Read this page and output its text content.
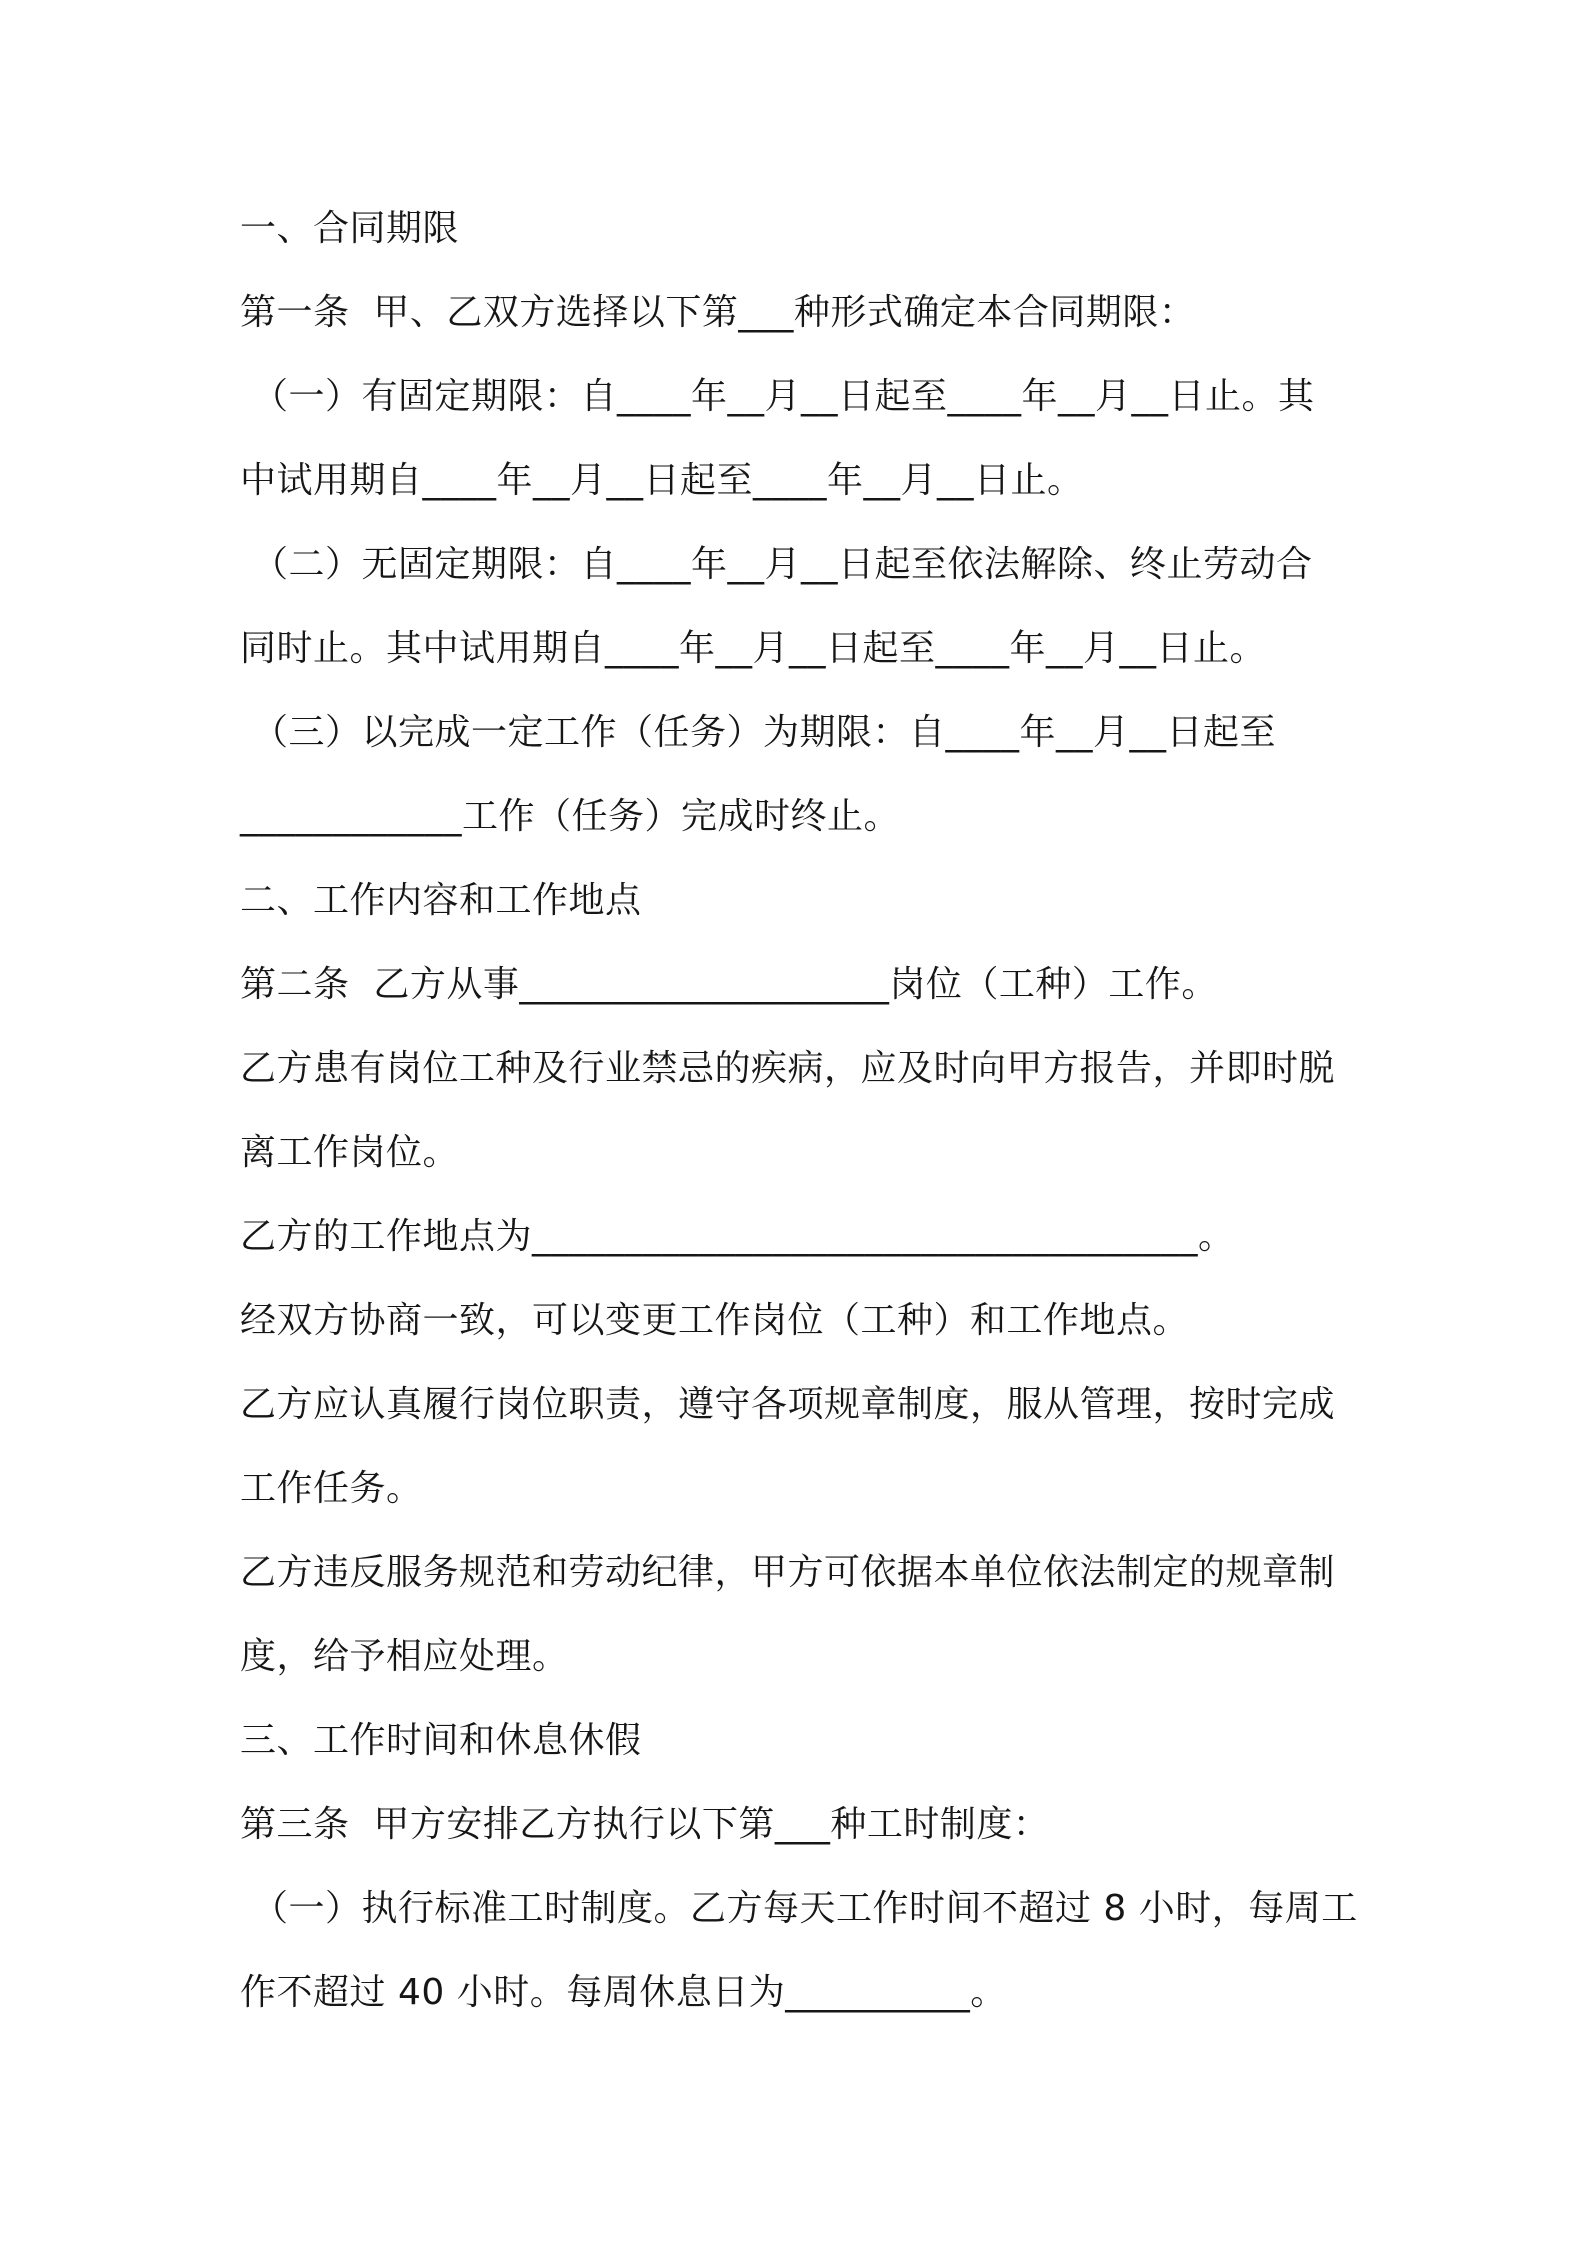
一、合同期限
第一条  甲、乙双方选择以下第___种形式确定本合同期限：
（一）有固定期限：自____年__月__日起至____年__月__日止。其
中试用期自____年__月__日起至____年__月__日止。
（二）无固定期限：自____年__月__日起至依法解除、终止劳动合
同时止。其中试用期自____年__月__日起至____年__月__日止。
（三）以完成一定工作（任务）为期限：自____年__月__日起至
____________工作（任务）完成时终止。
二、工作内容和工作地点
第二条  乙方从事____________________岗位（工种）工作。
乙方患有岗位工种及行业禁忌的疾病，应及时向甲方报告，并即时脱
离工作岗位。
乙方的工作地点为____________________________________。
经双方协商一致，可以变更工作岗位（工种）和工作地点。
乙方应认真履行岗位职责，遵守各项规章制度，服从管理，按时完成
工作任务。
乙方违反服务规范和劳动纪律，甲方可依据本单位依法制定的规章制
度，给予相应处理。
三、工作时间和休息休假
第三条  甲方安排乙方执行以下第___种工时制度：
（一）执行标准工时制度。乙方每天工作时间不超过 8 小时，每周工
作不超过 40 小时。每周休息日为__________。
